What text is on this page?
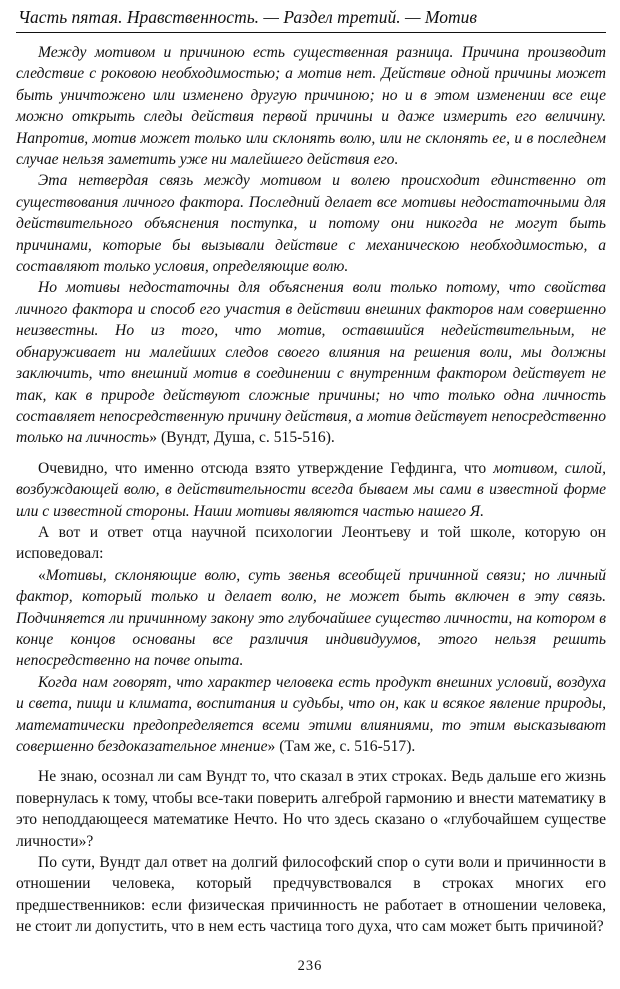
Часть пятая. Нравственность. — Раздел третий. — Мотив

Между мотивом и причиною есть существенная разница. Причина производит следствие с роковою необходимостью; а мотив нет. Действие одной причины может быть уничтожено или изменено другую причиною; но и в этом изменении все еще можно открыть следы действия первой причины и даже измерить его величину. Напротив, мотив может только или склонять волю, или не склонять ее, и в последнем случае нельзя заметить уже ни малейшего действия его.

Эта нетвердая связь между мотивом и волею происходит единственно от существования личного фактора. Последний делает все мотивы недостаточными для действительного объяснения поступка, и потому они никогда не могут быть причинами, которые бы вызывали действие с механическою необходимостью, а составляют только условия, определяющие волю.

Но мотивы недостаточны для объяснения воли только потому, что свойства личного фактора и способ его участия в действии внешних факторов нам совершенно неизвестны. Но из того, что мотив, оставшийся недействительным, не обнаруживает ни малейших следов своего влияния на решения воли, мы должны заключить, что внешний мотив в соединении с внутренним фактором действует не так, как в природе действуют сложные причины; но что только одна личность составляет непосредственную причину действия, а мотив действует непосредственно только на личность» (Вундт, Душа, с. 515-516).

Очевидно, что именно отсюда взято утверждение Гефдинга, что мотивом, силой, возбуждающей волю, в действительности всегда бываем мы сами в известной форме или с известной стороны. Наши мотивы являются частью нашего Я.

А вот и ответ отца научной психологии Леонтьеву и той школе, которую он исповедовал:

«Мотивы, склоняющие волю, суть звенья всеобщей причинной связи; но личный фактор, который только и делает волю, не может быть включен в эту связь. Подчиняется ли причинному закону это глубочайшее существо личности, на котором в конце концов основаны все различия индивидуумов, этого нельзя решить непосредственно на почве опыта.

Когда нам говорят, что характер человека есть продукт внешних условий, воздуха и света, пищи и климата, воспитания и судьбы, что он, как и всякое явление природы, математически предопределяется всеми этими влияниями, то этим высказывают совершенно бездоказательное мнение» (Там же, с. 516-517).

Не знаю, осознал ли сам Вундт то, что сказал в этих строках. Ведь дальше его жизнь повернулась к тому, чтобы все-таки поверить алгеброй гармонию и внести математику в это неподдающееся математике Нечто. Но что здесь сказано о «глубочайшем существе личности»?

По сути, Вундт дал ответ на долгий философский спор о сути воли и причинности в отношении человека, который предчувствовался в строках многих его предшественников: если физическая причинность не работает в отношении человека, не стоит ли допустить, что в нем есть частица того духа, что сам может быть причиной?

236
